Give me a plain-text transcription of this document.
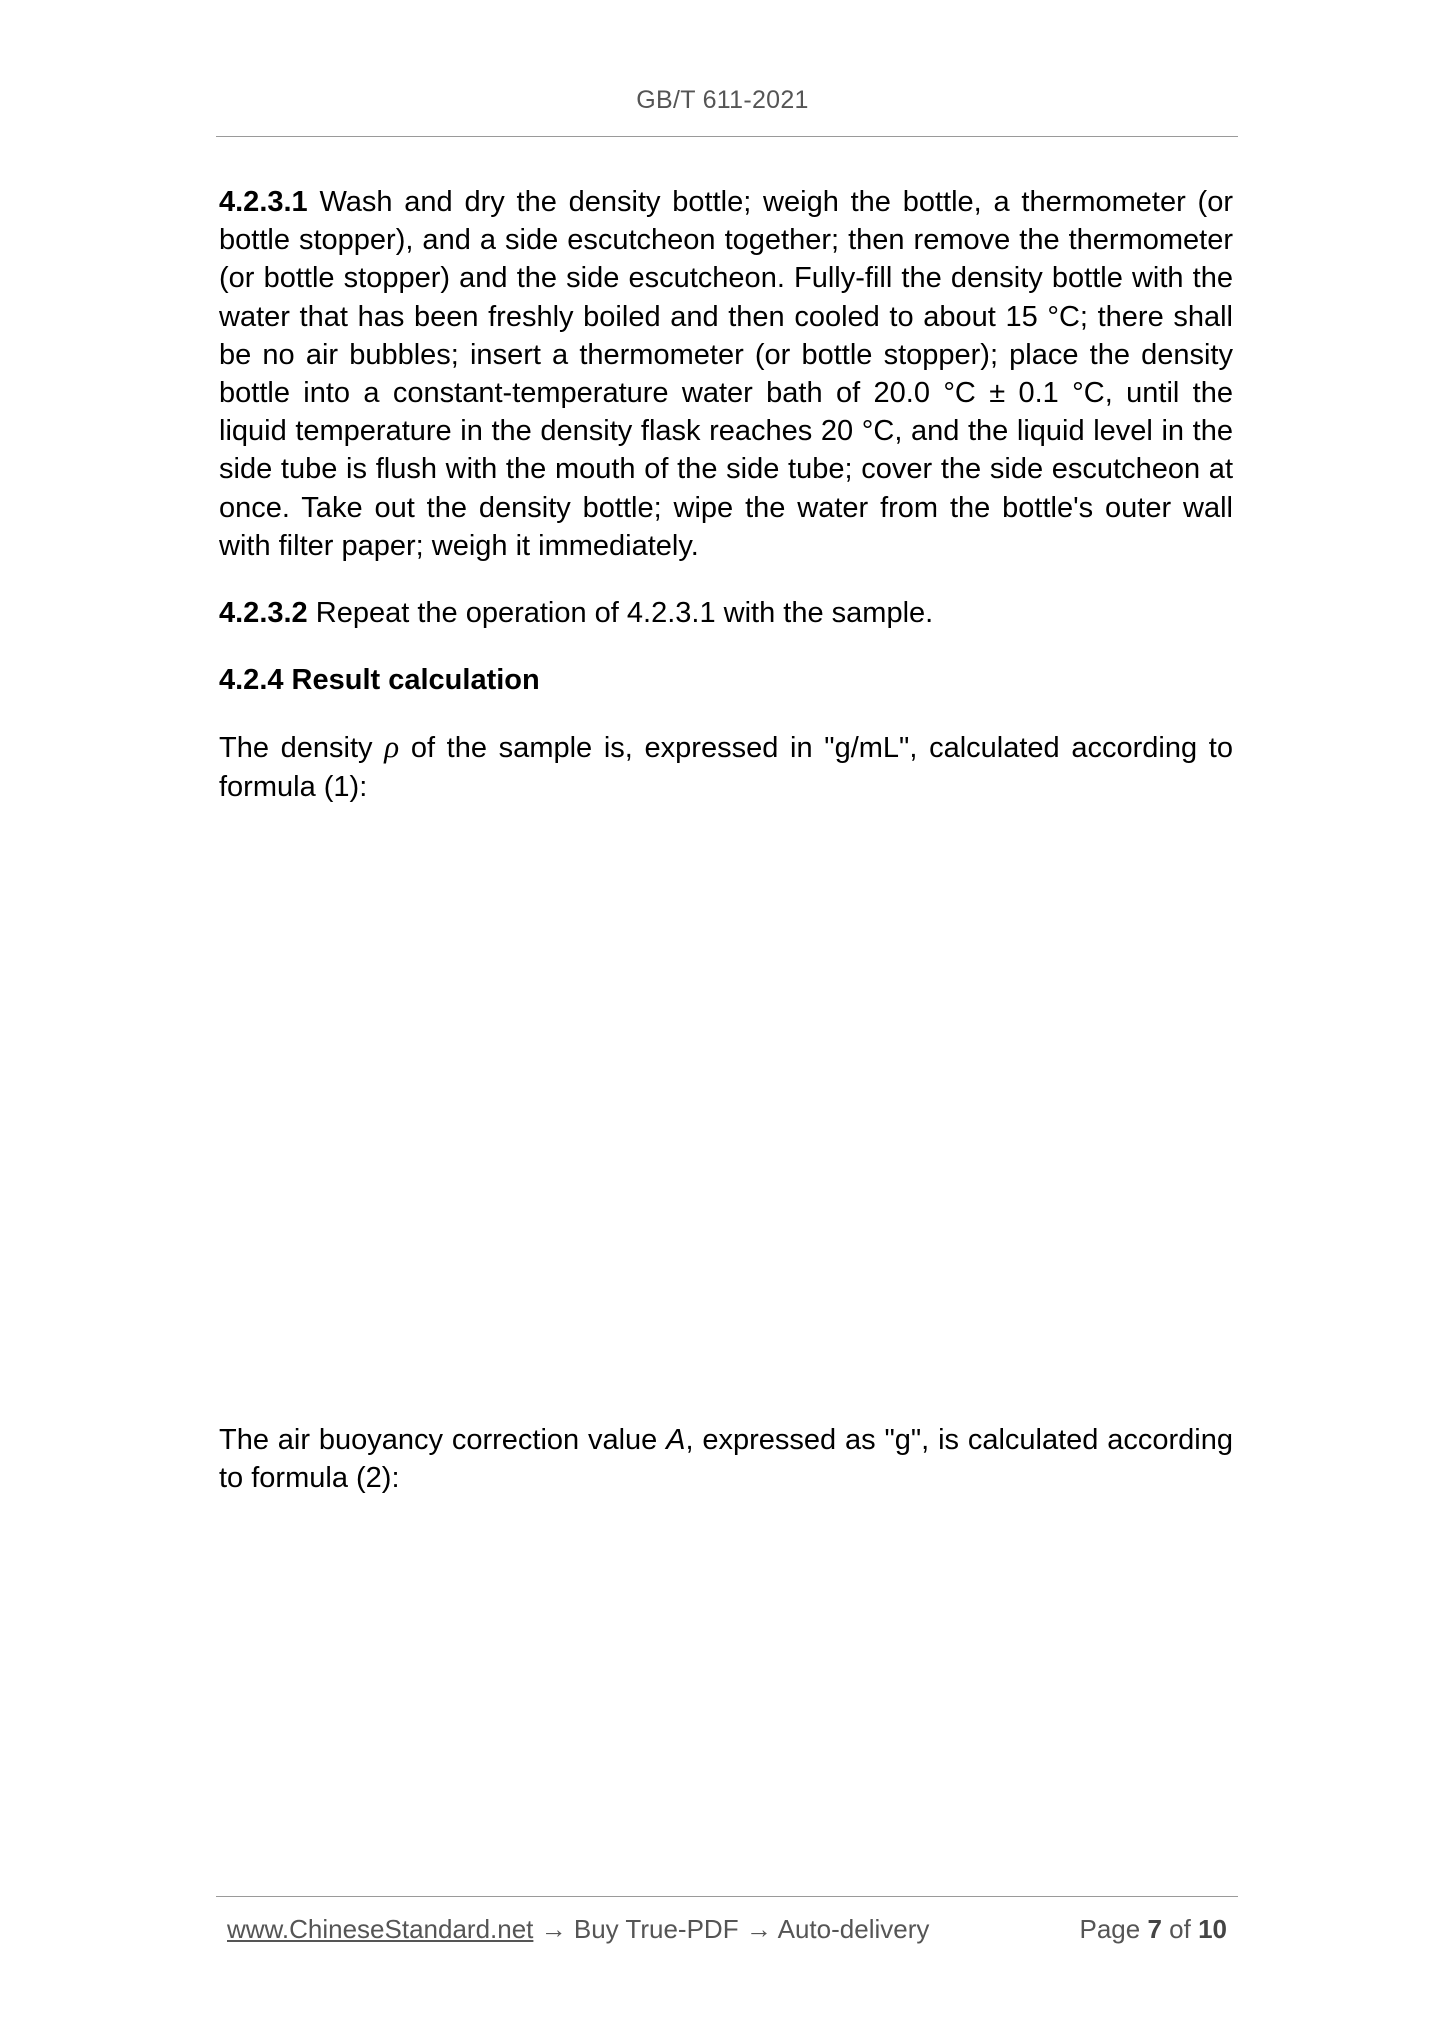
GB/T 611-2021

4.2.3.1 Wash and dry the density bottle; weigh the bottle, a thermometer (or bottle stopper), and a side escutcheon together; then remove the thermometer (or bottle stopper) and the side escutcheon. Fully-fill the density bottle with the water that has been freshly boiled and then cooled to about 15 °C; there shall be no air bubbles; insert a thermometer (or bottle stopper); place the density bottle into a constant-temperature water bath of 20.0 °C ± 0.1 °C, until the liquid temperature in the density flask reaches 20 °C, and the liquid level in the side tube is flush with the mouth of the side tube; cover the side escutcheon at once. Take out the density bottle; wipe the water from the bottle's outer wall with filter paper; weigh it immediately.

4.2.3.2 Repeat the operation of 4.2.3.1 with the sample.

4.2.4 Result calculation

The density ρ of the sample is, expressed in "g/mL", calculated according to formula (1):

The air buoyancy correction value A, expressed as "g", is calculated according to formula (2):

www.ChineseStandard.net → Buy True-PDF → Auto-delivery	Page 7 of 10
